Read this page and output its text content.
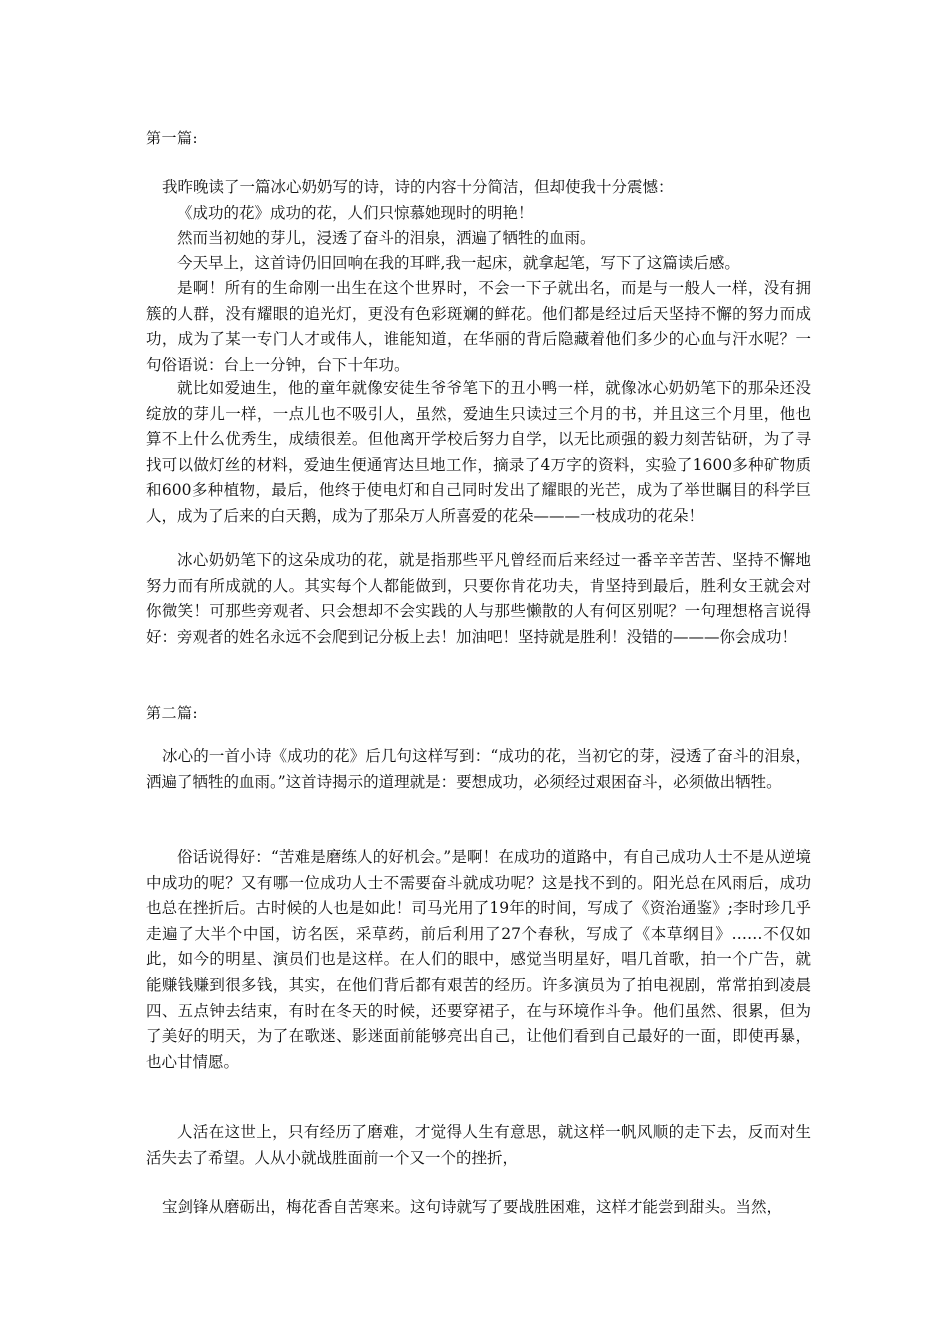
第一篇:
我昨晚读了一篇冰心奶奶写的诗，诗的内容十分简洁，但却使我十分震憾：
《成功的花》成功的花，人们只惊慕她现时的明艳！
然而当初她的芽儿，浸透了奋斗的泪泉，洒遍了牺牲的血雨。
今天早上，这首诗仍旧回响在我的耳畔,我一起床，就拿起笔，写下了这篇读后感。
是啊！所有的生命刚一出生在这个世界时，不会一下子就出名，而是与一般人一样，没有拥簇的人群，没有耀眼的追光灯，更没有色彩斑斓的鲜花。他们都是经过后天坚持不懈的努力而成功，成为了某一专门人才或伟人，谁能知道，在华丽的背后隐藏着他们多少的心血与汗水呢？一句俗语说：台上一分钟，台下十年功。
就比如爱迪生，他的童年就像安徒生爷爷笔下的丑小鸭一样，就像冰心奶奶笔下的那朵还没绽放的芽儿一样，一点儿也不吸引人，虽然，爱迪生只读过三个月的书，并且这三个月里，他也算不上什么优秀生，成绩很差。但他离开学校后努力自学，以无比顽强的毅力刻苦钻研，为了寻找可以做灯丝的材料，爱迪生便通宵达旦地工作，摘录了4万字的资料，实验了1600多种矿物质和600多种植物，最后，他终于使电灯和自己同时发出了耀眼的光芒，成为了举世瞩目的科学巨人，成为了后来的白天鹅，成为了那朵万人所喜爱的花朵———一枝成功的花朵！
冰心奶奶笔下的这朵成功的花，就是指那些平凡曾经而后来经过一番辛辛苦苦、坚持不懈地努力而有所成就的人。其实每个人都能做到，只要你肯花功夫，肯坚持到最后，胜利女王就会对你微笑！可那些旁观者、只会想却不会实践的人与那些懒散的人有何区别呢？一句理想格言说得好：旁观者的姓名永远不会爬到记分板上去！加油吧！坚持就是胜利！没错的———你会成功！
第二篇:
冰心的一首小诗《成功的花》后几句这样写到：“成功的花，当初它的芽，浸透了奋斗的泪泉，洒遍了牺牲的血雨。”这首诗揭示的道理就是：要想成功，必须经过艰困奋斗，必须做出牺牲。
俗话说得好：“苦难是磨练人的好机会。”是啊！在成功的道路中，有自己成功人士不是从逆境中成功的呢？又有哪一位成功人士不需要奋斗就成功呢？这是找不到的。阳光总在风雨后，成功也总在挫折后。古时候的人也是如此！司马光用了19年的时间，写成了《资治通鉴》;李时珍几乎走遍了大半个中国，访名医，采草药，前后利用了27个春秋，写成了《本草纲目》……不仅如此，如今的明星、演员们也是这样。在人们的眼中，感觉当明星好，唱几首歌，拍一个广告，就能赚钱赚到很多钱，其实，在他们背后都有艰苦的经历。许多演员为了拍电视剧，常常拍到凌晨四、五点钟去结束，有时在冬天的时候，还要穿裙子，在与环境作斗争。他们虽然、很累，但为了美好的明天，为了在歌迷、影迷面前能够亮出自己，让他们看到自己最好的一面，即使再暴，也心甘情愿。
人活在这世上，只有经历了磨难，才觉得人生有意思，就这样一帆风顺的走下去，反而对生活失去了希望。人从小就战胜面前一个又一个的挫折，
宝剑锋从磨砺出，梅花香自苦寒来。这句诗就写了要战胜困难，这样才能尝到甜头。当然，
